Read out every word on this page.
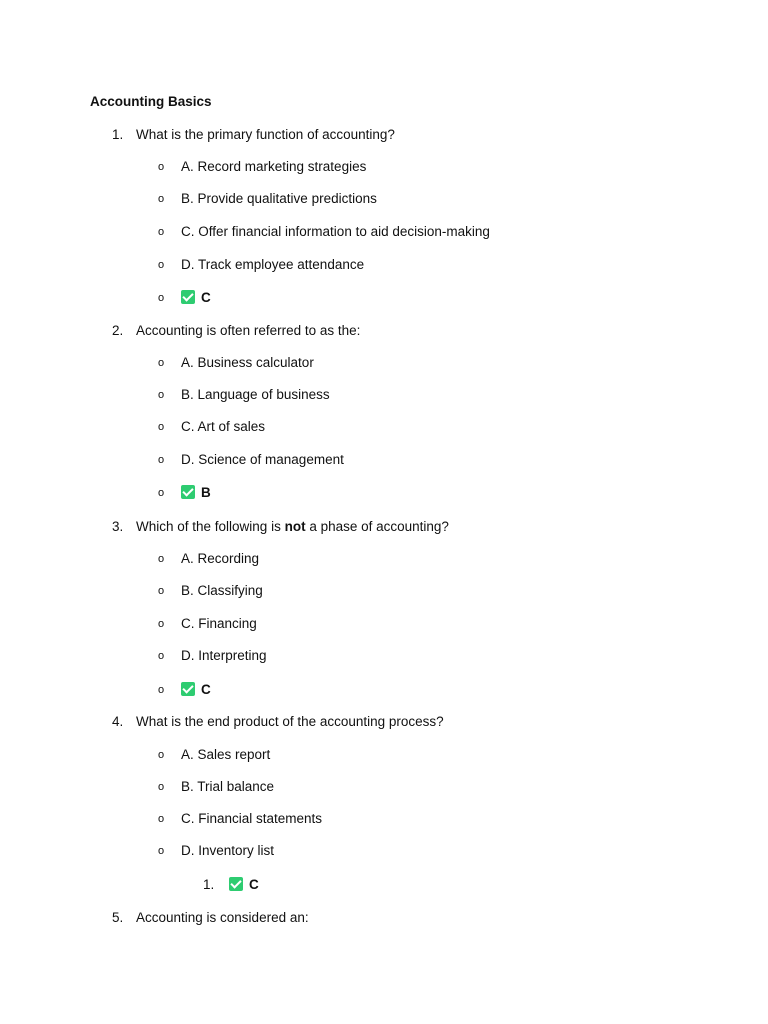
Accounting Basics
1. What is the primary function of accounting?
o A. Record marketing strategies
o B. Provide qualitative predictions
o C. Offer financial information to aid decision-making
o D. Track employee attendance
o	C
2. Accounting is often referred to as the:
o A. Business calculator
o B. Language of business
o C. Art of sales
o D. Science of management
o	B
3. Which of the following is not a phase of accounting?
o A. Recording
o B. Classifying
o C. Financing
o D. Interpreting
o	C
4. What is the end product of the accounting process?
o A. Sales report
o B. Trial balance
o C. Financial statements
o D. Inventory list
1.	C
5. Accounting is considered an:
